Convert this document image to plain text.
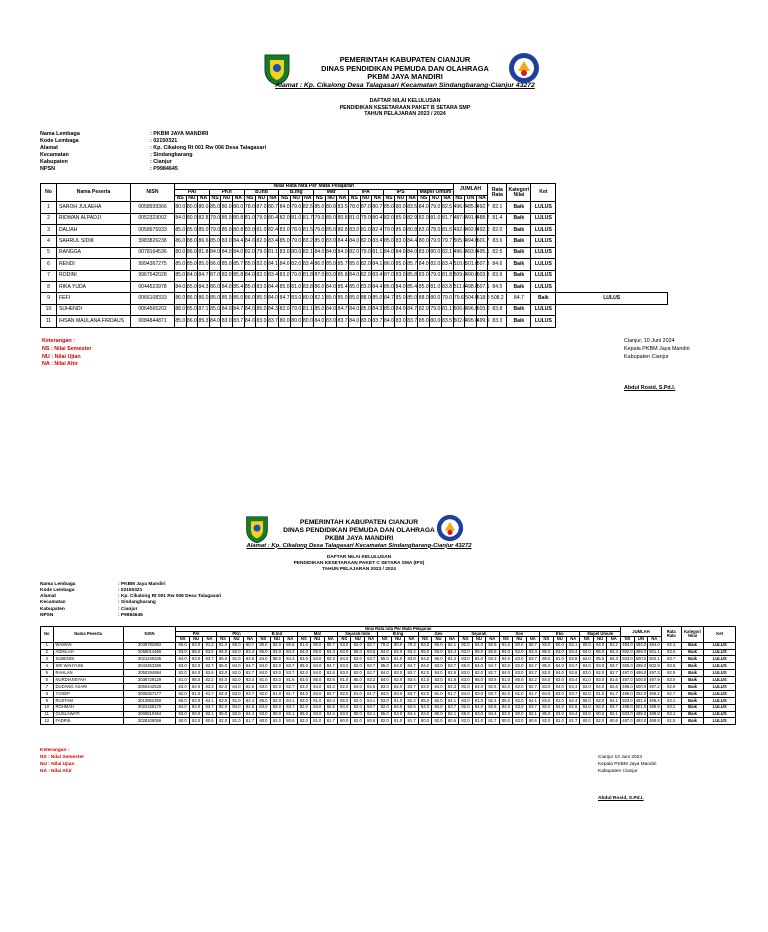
PEMERINTAH KABUPATEN CIANJUR
DINAS PENDIDIKAN PEMUDA DAN OLAHRAGA
PKBM JAYA MANDIRI
Alamat : Kp. Cikalong Desa Talagasari Kecamatan Sindangbarang-Cianjur 43272
DAFTAR NILAI KELULUSAN
PENDIDIKAN KESETARAAN PAKET B SETARA SMP
TAHUN PELAJARAN 2023 / 2024
Nama Lembaga	: PKBM JAYA MANDIRI
Kode Lembaga	: 02150321
Alamat	: Kp. Cikalong Rt 001 Rw 006 Desa Talagasari
Kecamatan	: Sindangbarang
Kabupaten	: Cianjur
NPSN	: P9984645
No	Nama Peserta	NISN	Nilai Rata rata Per Mata Pelajaran																								JUMLAH			Rata Rata	Kategori Nilai	Ket	
			PAI			PKn			B.Ind			B.Ing			Mat			IPA			IPS			Mapel Umum									
			NS	NU	NA	NS	NU	NA	NS	NU	NA	NS	NU	NA	NS	NU	NA	NS	NU	NA	NS	NU	NA	NS	NU	NA	NS	UN	NA				
1	SAROH JULAEHA	0058939366	80.0	80.0	80.0	85.0	80.0	80.0	78.0	87.0	80.7	84.0	79.0	82.5	85.0	80.0	83.5	78.0	87.0	80.7	85.0	80.0	83.5	84.0	79.0	82.5	496.0	485.0	492.7	82.1	Baik	LULUS	
2	RIDWAN ALPADJI	0052323002	84.0	80.0	82.8	79.0	85.0	80.8	81.0	79.0	80.4	82.0	81.0	81.7	79.0	85.0	80.8	81.0	79.0	80.4	82.0	85.0	82.9	82.0	81.0	81.7	487.0	491.0	488.2	81.4	Baik	LULUS	
3	DALIAH	0058675933	85.0	85.0	85.0	79.0	85.0	80.8	83.0	81.0	82.4	83.0	78.0	81.5	79.0	85.0	80.8	83.0	81.0	82.4	79.0	85.0	80.8	83.0	78.0	81.5	492.0	492.0	492.0	82.0	Baik	LULUS	
4	SAHRUL SIDIK	3983826238	86.0	88.0	86.6	85.0	83.0	84.4	84.0	82.0	83.4	85.0	79.0	83.2	85.0	83.0	84.4	84.0	82.0	83.4	85.0	83.0	84.4	80.0	79.0	79.7	505.0	494.0	501.7	83.6	Baik	LULUS	
5	RANGGA	0078164536	80.0	86.0	81.8	84.0	84.0	84.0	82.0	79.0	81.1	83.0	80.0	82.1	84.0	84.0	84.0	82.0	79.0	81.1	84.0	84.0	84.0	83.0	80.0	82.1	496.0	493.0	495.1	82.5	Baik	LULUS	
6	RENDI	9994367275	85.0	85.0	85.0	86.0	85.0	85.7	85.0	82.0	84.1	84.0	82.0	83.4	86.0	85.0	85.7	85.0	82.0	84.1	86.0	85.0	85.7	84.0	82.0	83.4	510.0	501.0	507.3	84.6	Baik	LULUS	
7	RODINI	9967542028	85.0	84.0	84.7	87.0	83.0	85.8	84.0	82.0	83.4	83.0	79.0	81.8	87.0	83.0	85.8	84.0	82.0	83.4	87.0	83.0	85.8	83.0	79.0	81.8	509.0	490.0	503.3	83.9	Baik	LULUS	
8	RIKA YUDA	0044523978	84.0	85.0	84.3	86.0	84.0	85.4	85.0	83.0	84.4	85.0	81.0	83.8	86.0	84.0	85.4	85.0	83.0	84.4	86.0	84.0	85.4	85.0	81.0	83.8	511.0	498.0	507.1	84.5	Baik	LULUS	
9	FEFI	0066108333	86.0	86.0	86.0	85.0	85.0	85.0	86.0	85.0	84.0	84.7	83.0	80.0	82.1	85.0	85.0	85.0	88.0	85.0	84.7	85.0	85.0	88.0	80.0	79.0	79.6	504.0	518.0	508.2	84.7	Baik	LULUS
10	SUHENDI	0064565202	88.0	85.0	87.1	85.0	84.0	84.7	84.0	85.0	84.3	82.0	79.0	81.1	85.0	84.0	84.7	84.0	85.0	84.3	85.0	84.0	84.7	82.0	79.0	81.1	506.0	496.0	503.0	83.8	Baik	LULUS	
11	IHSAN MAULANA FIRDAUS	0084844871	85.0	86.0	85.3	84.0	83.0	83.7	84.0	83.0	83.7	80.0	80.0	80.0	84.0	83.0	83.7	84.0	83.0	83.7	84.0	83.0	83.7	85.0	80.0	83.5	502.0	495.0	499.9	83.3	Baik	LULUS	
Keterangan :
NS : Nilai Semester
NU : Nilai Ujian
NA : Nilai Ahir
Cianjur, 10 Juni 2024
Kepala PKBM Jaya Mandiri
Kabupaten Cianjur
Abdul Rosid, S.Pd.I.
PEMERINTAH KABUPATEN CIANJUR
DINAS PENDIDIKAN PEMUDA DAN OLAHRAGA
PKBM JAYA MANDIRI
Alamat : Kp. Cikalong Desa Talagasari Kecamatan Sindangbarang-Cianjur 43272
DAFTAR NILAI KELULUSAN
PENDIDIKAN KESETARAAN PAKET C SETARA SMA (IPS)
TAHUN PELAJARAN 2023 / 2024
Nama Lembaga	: PKBM Jaya Mandiri
Kode Lembaga	: 02150321
Alamat	: Kp. Cikalong Rt 001 Rw 006 Desa Talagasari
Kecamatan	: Sindangbarang
Kabupaten	: Cianjur
NPSN	: P9984645
No	Nama Peserta	NISN	Nilai Rata rata Per Mata Pelajaran																																	JUMLAH			Rata Rata	Kategori Nilai	Ket
			PAI			PKn			B.Ind			Mat			Sejarah Indo			B.Ing			Geo			Sejarah			Sos			Eko			Mapel Umum								
			NS	NU	NA	NS	NU	NA	NS	NU	NA	NS	NU	NA	NS	NU	NA	NS	NU	NA	NS	NU	NA	NS	NU	NA	NS	NU	NA	NS	NU	NA	NS	NU	NA	NS	UN	NA			
1	WAWAN	3039782982	80.0	84.0	81.2	81.0	80.0	80.7	80.0	82.0	80.6	81.0	80.0	80.7	83.0	82.0	82.7	79.0	80.0	79.3	83.0	80.0	82.1	82.0	84.0	82.6	81.0	80.0	80.7	83.0	80.0	82.1	80.0	84.0	81.2	494.0	494.0	494.0	82.3	Baik	LULUS
2	ADHILAH	3056014466	83.0	85.0	83.6	84.0	82.0	83.4	85.0	83.0	84.4	84.0	85.0	84.3	83.0	85.0	83.6	84.0	82.0	83.4	85.0	83.0	84.4	83.0	85.0	83.6	84.0	82.0	83.4	85.0	83.0	84.4	84.0	85.0	84.3	502.0	499.0	501.1	83.5	Baik	LULUS
3	SUBENDI	3021249345	84.0	83.0	83.7	85.0	81.0	83.8	84.0	85.0	84.3	83.0	84.0	83.3	84.0	83.0	83.7	85.0	81.0	83.8	84.0	85.0	84.3	83.0	84.0	83.3	84.0	83.0	83.7	85.0	81.0	83.8	84.0	85.0	84.3	503.0	500.0	502.1	83.7	Baik	LULUS
4	SRI WAHYUNI	3044453386	83.0	82.0	82.7	85.0	84.0	84.7	84.0	83.0	83.7	85.0	84.0	84.7	83.0	82.0	82.7	85.0	84.0	84.7	84.0	83.0	83.7	85.0	84.0	84.7	83.0	82.0	82.7	85.0	84.0	84.7	84.0	83.0	83.7	505.0	498.0	502.9	83.8	Baik	LULUS
5	RAHLAN	3050294984	82.0	84.0	82.6	83.0	82.0	82.7	84.0	83.0	83.7	82.0	84.0	82.6	83.0	82.0	82.7	84.0	83.0	83.7	82.0	84.0	82.6	83.0	82.0	82.7	84.0	83.0	83.7	82.0	84.0	82.6	83.0	82.0	82.7	497.0	498.0	497.3	82.9	Baik	LULUS
6	NURDIANSYAH	3038729129	81.0	85.0	82.2	84.0	82.0	83.4	81.0	83.0	81.6	83.0	85.0	83.6	81.0	85.0	82.2	84.0	82.0	83.4	81.0	83.0	81.6	83.0	85.0	83.6	81.0	85.0	82.2	84.0	82.0	83.4	81.0	83.0	81.6	497.0	500.0	497.9	83.0	Baik	LULUS
7	DUDANG ASARI	3050442528	83.0	84.0	83.3	82.0	84.0	82.6	83.0	82.0	82.7	83.0	84.0	83.3	82.0	84.0	82.6	83.0	82.0	82.7	83.0	84.0	83.3	82.0	84.0	82.6	83.0	82.0	82.7	83.0	84.0	83.3	82.0	84.0	82.6	496.0	500.0	497.2	82.9	Baik	LULUS
8	YOSEP	3005357177	82.0	81.0	81.7	84.0	83.0	83.7	82.0	81.0	81.7	84.0	83.0	83.7	82.0	81.0	81.7	84.0	83.0	83.7	82.0	81.0	81.7	84.0	83.0	83.7	82.0	81.0	81.7	84.0	83.0	83.7	82.0	81.0	81.7	498.0	492.0	496.2	82.7	Baik	LULUS
9	RUSTAM	3013952350	85.0	82.0	84.1	83.0	81.0	82.4	85.0	82.0	84.1	83.0	81.0	82.4	85.0	82.0	84.1	83.0	81.0	82.4	85.0	82.0	84.1	83.0	81.0	82.4	85.0	82.0	84.1	83.0	81.0	82.4	85.0	82.0	84.1	503.0	491.0	499.4	83.2	Baik	LULUS
10	ROHMAH	3022156170	84.0	83.0	83.7	82.0	84.0	82.6	84.0	83.0	83.7	82.0	84.0	82.6	84.0	83.0	83.7	82.0	84.0	82.6	84.0	83.0	83.7	82.0	84.0	82.6	84.0	83.0	83.7	82.0	84.0	82.6	84.0	83.0	83.7	498.0	501.0	498.9	83.2	Baik	LULUS
11	GUSLAWATI	3006810454	83.0	80.0	82.1	85.0	83.0	84.4	83.0	80.0	82.1	85.0	83.0	84.4	83.0	80.0	82.1	85.0	83.0	84.4	83.0	80.0	82.1	85.0	83.0	84.4	83.0	80.0	82.1	85.0	83.0	84.4	83.0	80.0	82.1	503.0	489.0	498.8	83.1	Baik	LULUS
12	FADRIK	3028109059	80.0	82.0	80.6	82.0	81.0	81.7	80.0	82.0	80.6	82.0	81.0	81.7	80.0	82.0	80.6	82.0	81.0	81.7	80.0	82.0	80.6	82.0	81.0	81.7	80.0	82.0	80.6	82.0	81.0	81.7	80.0	82.0	80.6	487.0	493.0	488.8	81.5	Baik	LULUS
Keterangan :
NS : Nilai Semester
NU : Nilai Ujian
NA : Nilai Ahir
Cianjur 10 Juni 2024
Kepala PKBM Jaya Mandiri
Kabupaten Cianjur
Abdul Rosid, S.Pd.I.
